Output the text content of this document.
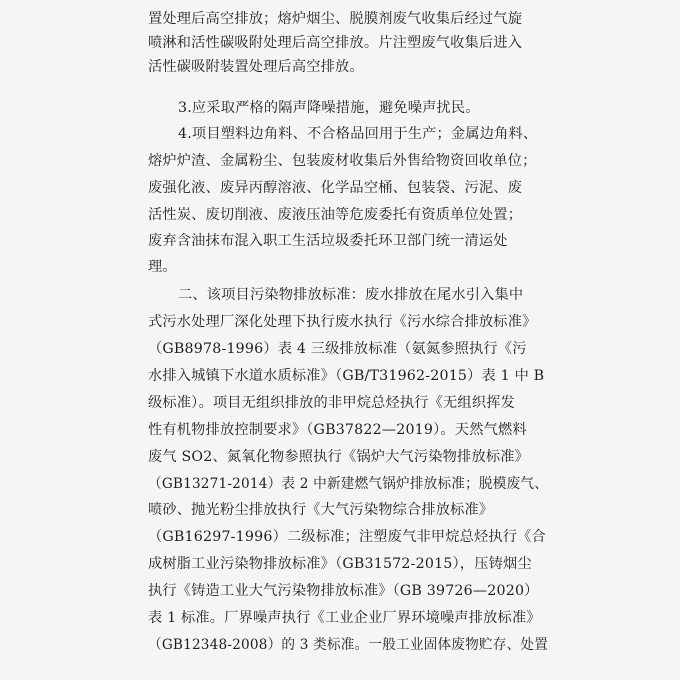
置处理后高空排放；熔炉烟尘、脱膜剂废气收集后经过气旋
喷淋和活性碳吸附处理后高空排放。片注塑废气收集后进入
活性碳吸附装置处理后高空排放。
3.应采取严格的隔声降噪措施，避免噪声扰民。
4.项目塑料边角料、不合格品回用于生产；金属边角料、
熔炉炉渣、金属粉尘、包装废材收集后外售给物资回收单位；
废强化液、废异丙醇溶液、化学品空桶、包装袋、污泥、废
活性炭、废切削液、废液压油等危废委托有资质单位处置；
废弃含油抹布混入职工生活垃圾委托环卫部门统一清运处
理。
二、该项目污染物排放标准：废水排放在尾水引入集中
式污水处理厂深化处理下执行废水执行《污水综合排放标准》
（GB8978-1996）表 4 三级排放标准（氨氮参照执行《污
水排入城镇下水道水质标准》（GB/T31962-2015）表 1 中 B
级标准）。项目无组织排放的非甲烷总烃执行《无组织挥发
性有机物排放控制要求》（GB37822—2019）。天然气燃料
废气 SO2、氮氧化物参照执行《锅炉大气污染物排放标准》
（GB13271-2014）表 2 中新建燃气锅炉排放标准；脱模废气、
喷砂、抛光粉尘排放执行《大气污染物综合排放标准》
（GB16297-1996）二级标准；注塑废气非甲烷总烃执行《合
成树脂工业污染物排放标准》（GB31572-2015），压铸烟尘
执行《铸造工业大气污染物排放标准》（GB 39726—2020）
表 1 标准。厂界噪声执行《工业企业厂界环境噪声排放标准》
（GB12348-2008）的 3 类标准。一般工业固体废物贮存、处置
